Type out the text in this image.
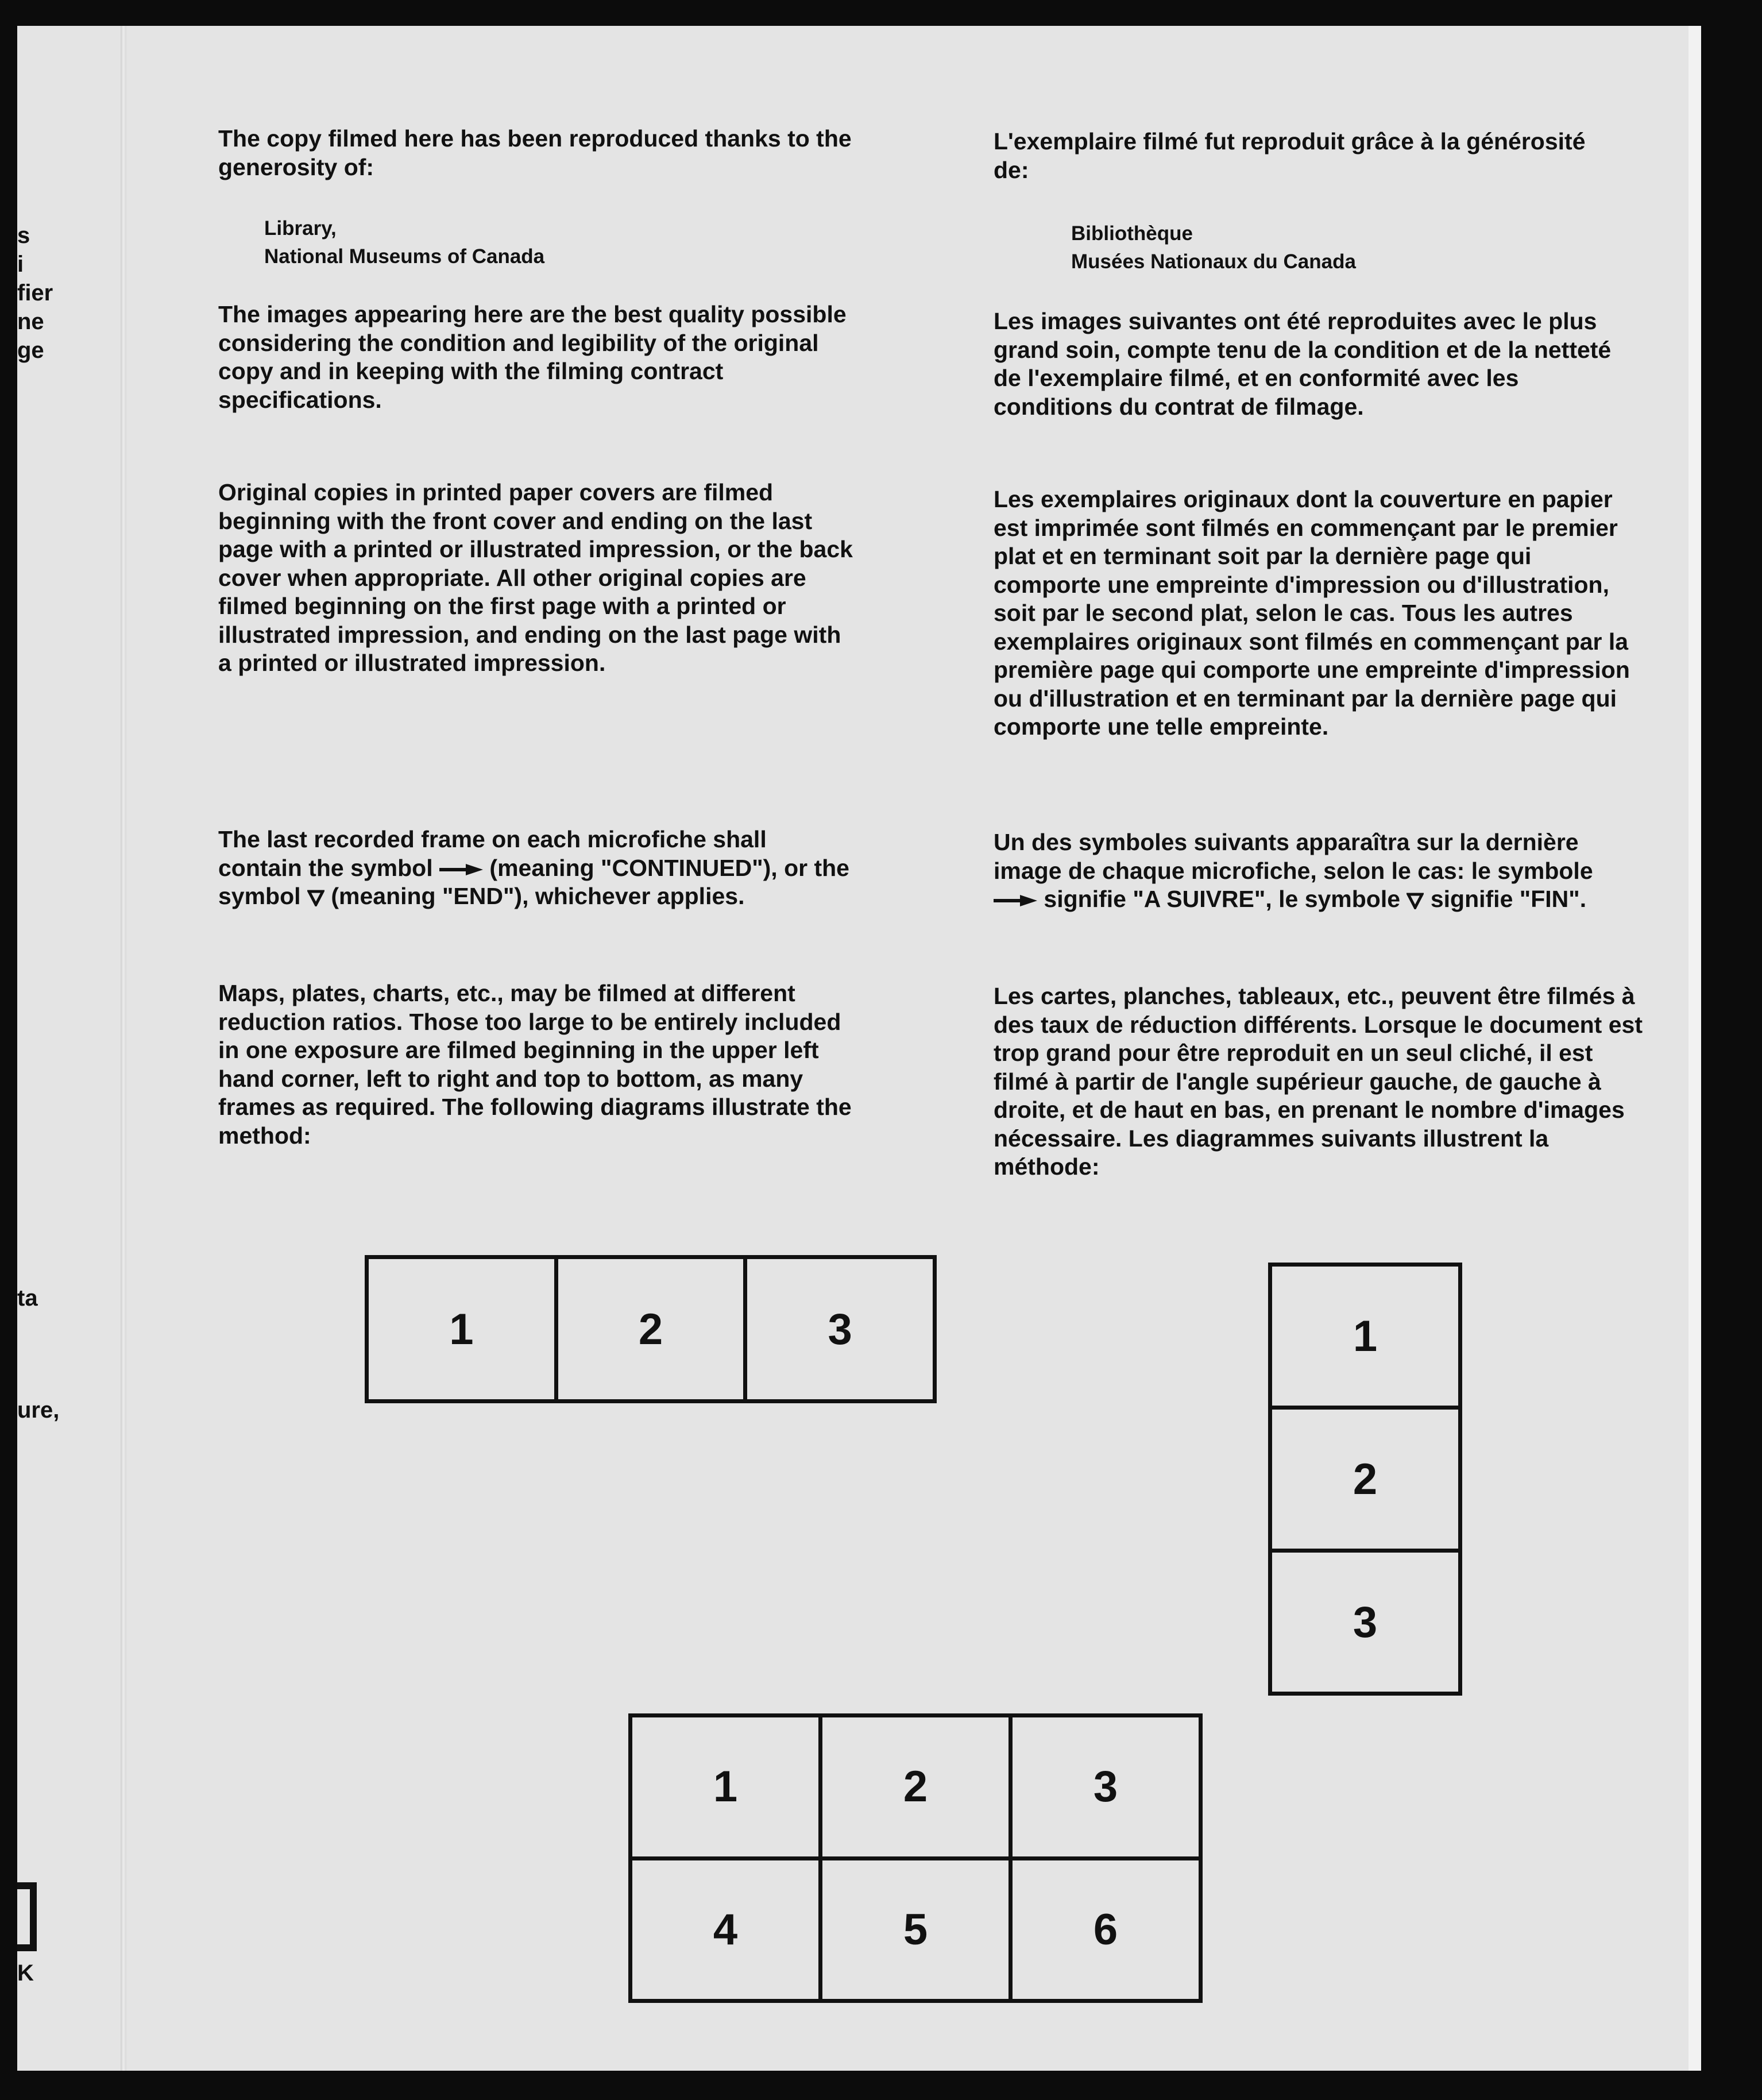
s
i
fier
ne
ge
ta
ure,
K

The copy filmed here has been reproduced thanks to the generosity of:

Library,

National Museums of Canada

The images appearing here are the best quality possible considering the condition and legibility of the original copy and in keeping with the filming contract specifications.

Original copies in printed paper covers are filmed beginning with the front cover and ending on the last page with a printed or illustrated impression, or the back cover when appropriate. All other original copies are filmed beginning on the first page with a printed or illustrated impression, and ending on the last page with a printed or illustrated impression.

The last recorded frame on each microfiche shall contain the symbol (meaning "CONTINUED"), or the symbol (meaning "END"), whichever applies.

Maps, plates, charts, etc., may be filmed at different reduction ratios. Those too large to be entirely included in one exposure are filmed beginning in the upper left hand corner, left to right and top to bottom, as many frames as required. The following diagrams illustrate the method:

L'exemplaire filmé fut reproduit grâce à la générosité de:

Bibliothèque

Musées Nationaux du Canada

Les images suivantes ont été reproduites avec le plus grand soin, compte tenu de la condition et de la netteté de l'exemplaire filmé, et en conformité avec les conditions du contrat de filmage.

Les exemplaires originaux dont la couverture en papier est imprimée sont filmés en commençant par le premier plat et en terminant soit par la dernière page qui comporte une empreinte d'impression ou d'illustration, soit par le second plat, selon le cas. Tous les autres exemplaires originaux sont filmés en commençant par la première page qui comporte une empreinte d'impression ou d'illustration et en terminant par la dernière page qui comporte une telle empreinte.

Un des symboles suivants apparaîtra sur la dernière image de chaque microfiche, selon le cas: le symbole  signifie "A SUIVRE", le symbole signifie "FIN".

Les cartes, planches, tableaux, etc., peuvent être filmés à des taux de réduction différents. Lorsque le document est trop grand pour être reproduit en un seul cliché, il est filmé à partir de l'angle supérieur gauche, de gauche à droite, et de haut en bas, en prenant le nombre d'images nécessaire. Les diagrammes suivants illustrent la méthode:

1	2	3	1
2
3
1	2	3
4	5	6
